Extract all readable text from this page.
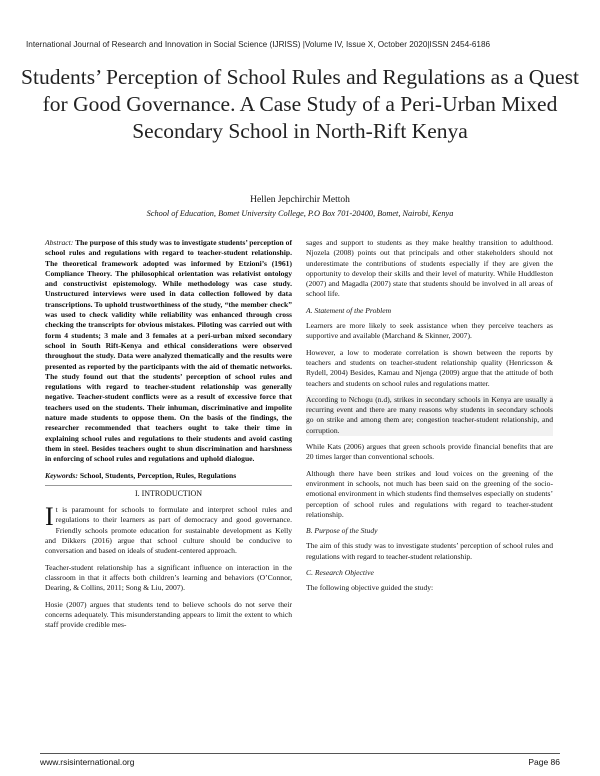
International Journal of Research and Innovation in Social Science (IJRISS) |Volume IV, Issue X, October 2020|ISSN 2454-6186
Students’ Perception of School Rules and Regulations as a Quest for Good Governance. A Case Study of a Peri-Urban Mixed Secondary School in North-Rift Kenya
Hellen Jepchirchir Mettoh
School of Education, Bomet University College, P.O Box 701-20400, Bomet, Nairobi, Kenya

Abstract: The purpose of this study was to investigate students’ perception of school rules and regulations with regard to teacher-student relationship. The theoretical framework adopted was informed by Etzioni’s (1961) Compliance Theory. The philosophical orientation was relativist ontology and constructivist epistemology. While methodology was case study. Unstructured interviews were used in data collection followed by data transcriptions. To uphold trustworthiness of the study, “the member check” was used to check validity while reliability was enhanced through cross checking the transcripts for obvious mistakes. Piloting was carried out with form 4 students; 3 male and 3 females at a peri-urban mixed secondary school in South Rift-Kenya and ethical considerations were observed throughout the study. Data were analyzed thematically and the results were presented as reported by the participants with the aid of thematic networks. The study found out that the students’ perception of school rules and regulations with regard to teacher-student relationship was generally negative. Teacher-student conflicts were as a result of excessive force that teachers used on the students. Their inhuman, discriminative and impolite nature made students to oppose them. On the basis of the findings, the researcher recommended that teachers ought to take their time in explaining school rules and regulations to their students and avoid casting them in steel. Besides teachers ought to shun discrimination and harshness in enforcing of school rules and regulations and uphold dialogue.

Keywords: School, Students, Perception, Rules, Regulations

I. INTRODUCTION

It is paramount for schools to formulate and interpret school rules and regulations to their learners as part of democracy and good governance. Friendly schools promote education for sustainable development as Kelly and Dikkers (2016) argue that school culture should be conducive to conversation and based on ideals of student-centered approach.

Teacher-student relationship has a significant influence on interaction in the classroom in that it affects both children’s learning and behaviors (O’Connor, Dearing, & Collins, 2011; Song & Liu, 2007).

Hosie (2007) argues that students tend to believe schools do not serve their concerns adequately. This misunderstanding appears to limit the extent to which staff provide credible mes-

sages and support to students as they make healthy transition to adulthood. Njozela (2008) points out that principals and other stakeholders should not underestimate the contributions of students especially if they are given the opportunity to develop their skills and their level of maturity. While Huddleston (2007) and Magadla (2007) state that students should be involved in all areas of school life.

A. Statement of the Problem

Learners are more likely to seek assistance when they perceive teachers as supportive and available (Marchand & Skinner, 2007).

However, a low to moderate correlation is shown between the reports by teachers and students on teacher-student relationship quality (Henricsson & Rydell, 2004) Besides, Kamau and Njenga (2009) argue that the attitude of both teachers and students on school rules and regulations matter.

According to Nchogu (n.d), strikes in secondary schools in Kenya are usually a recurring event and there are many reasons why students in secondary schools go on strike and among them are; congestion teacher-student relationship, and corruption.

While Kats (2006) argues that green schools provide financial benefits that are 20 times larger than conventional schools.

Although there have been strikes and loud voices on the greening of the environment in schools, not much has been said on the greening of the socio-emotional environment in which students find themselves especially on students’ perception of school rules and regulations with regard to teacher-student relationship.

B. Purpose of the Study

The aim of this study was to investigate students’ perception of school rules and regulations with regard to teacher-student relationship.

C. Research Objective

The following objective guided the study:

www.rsisinternational.org	Page 86
